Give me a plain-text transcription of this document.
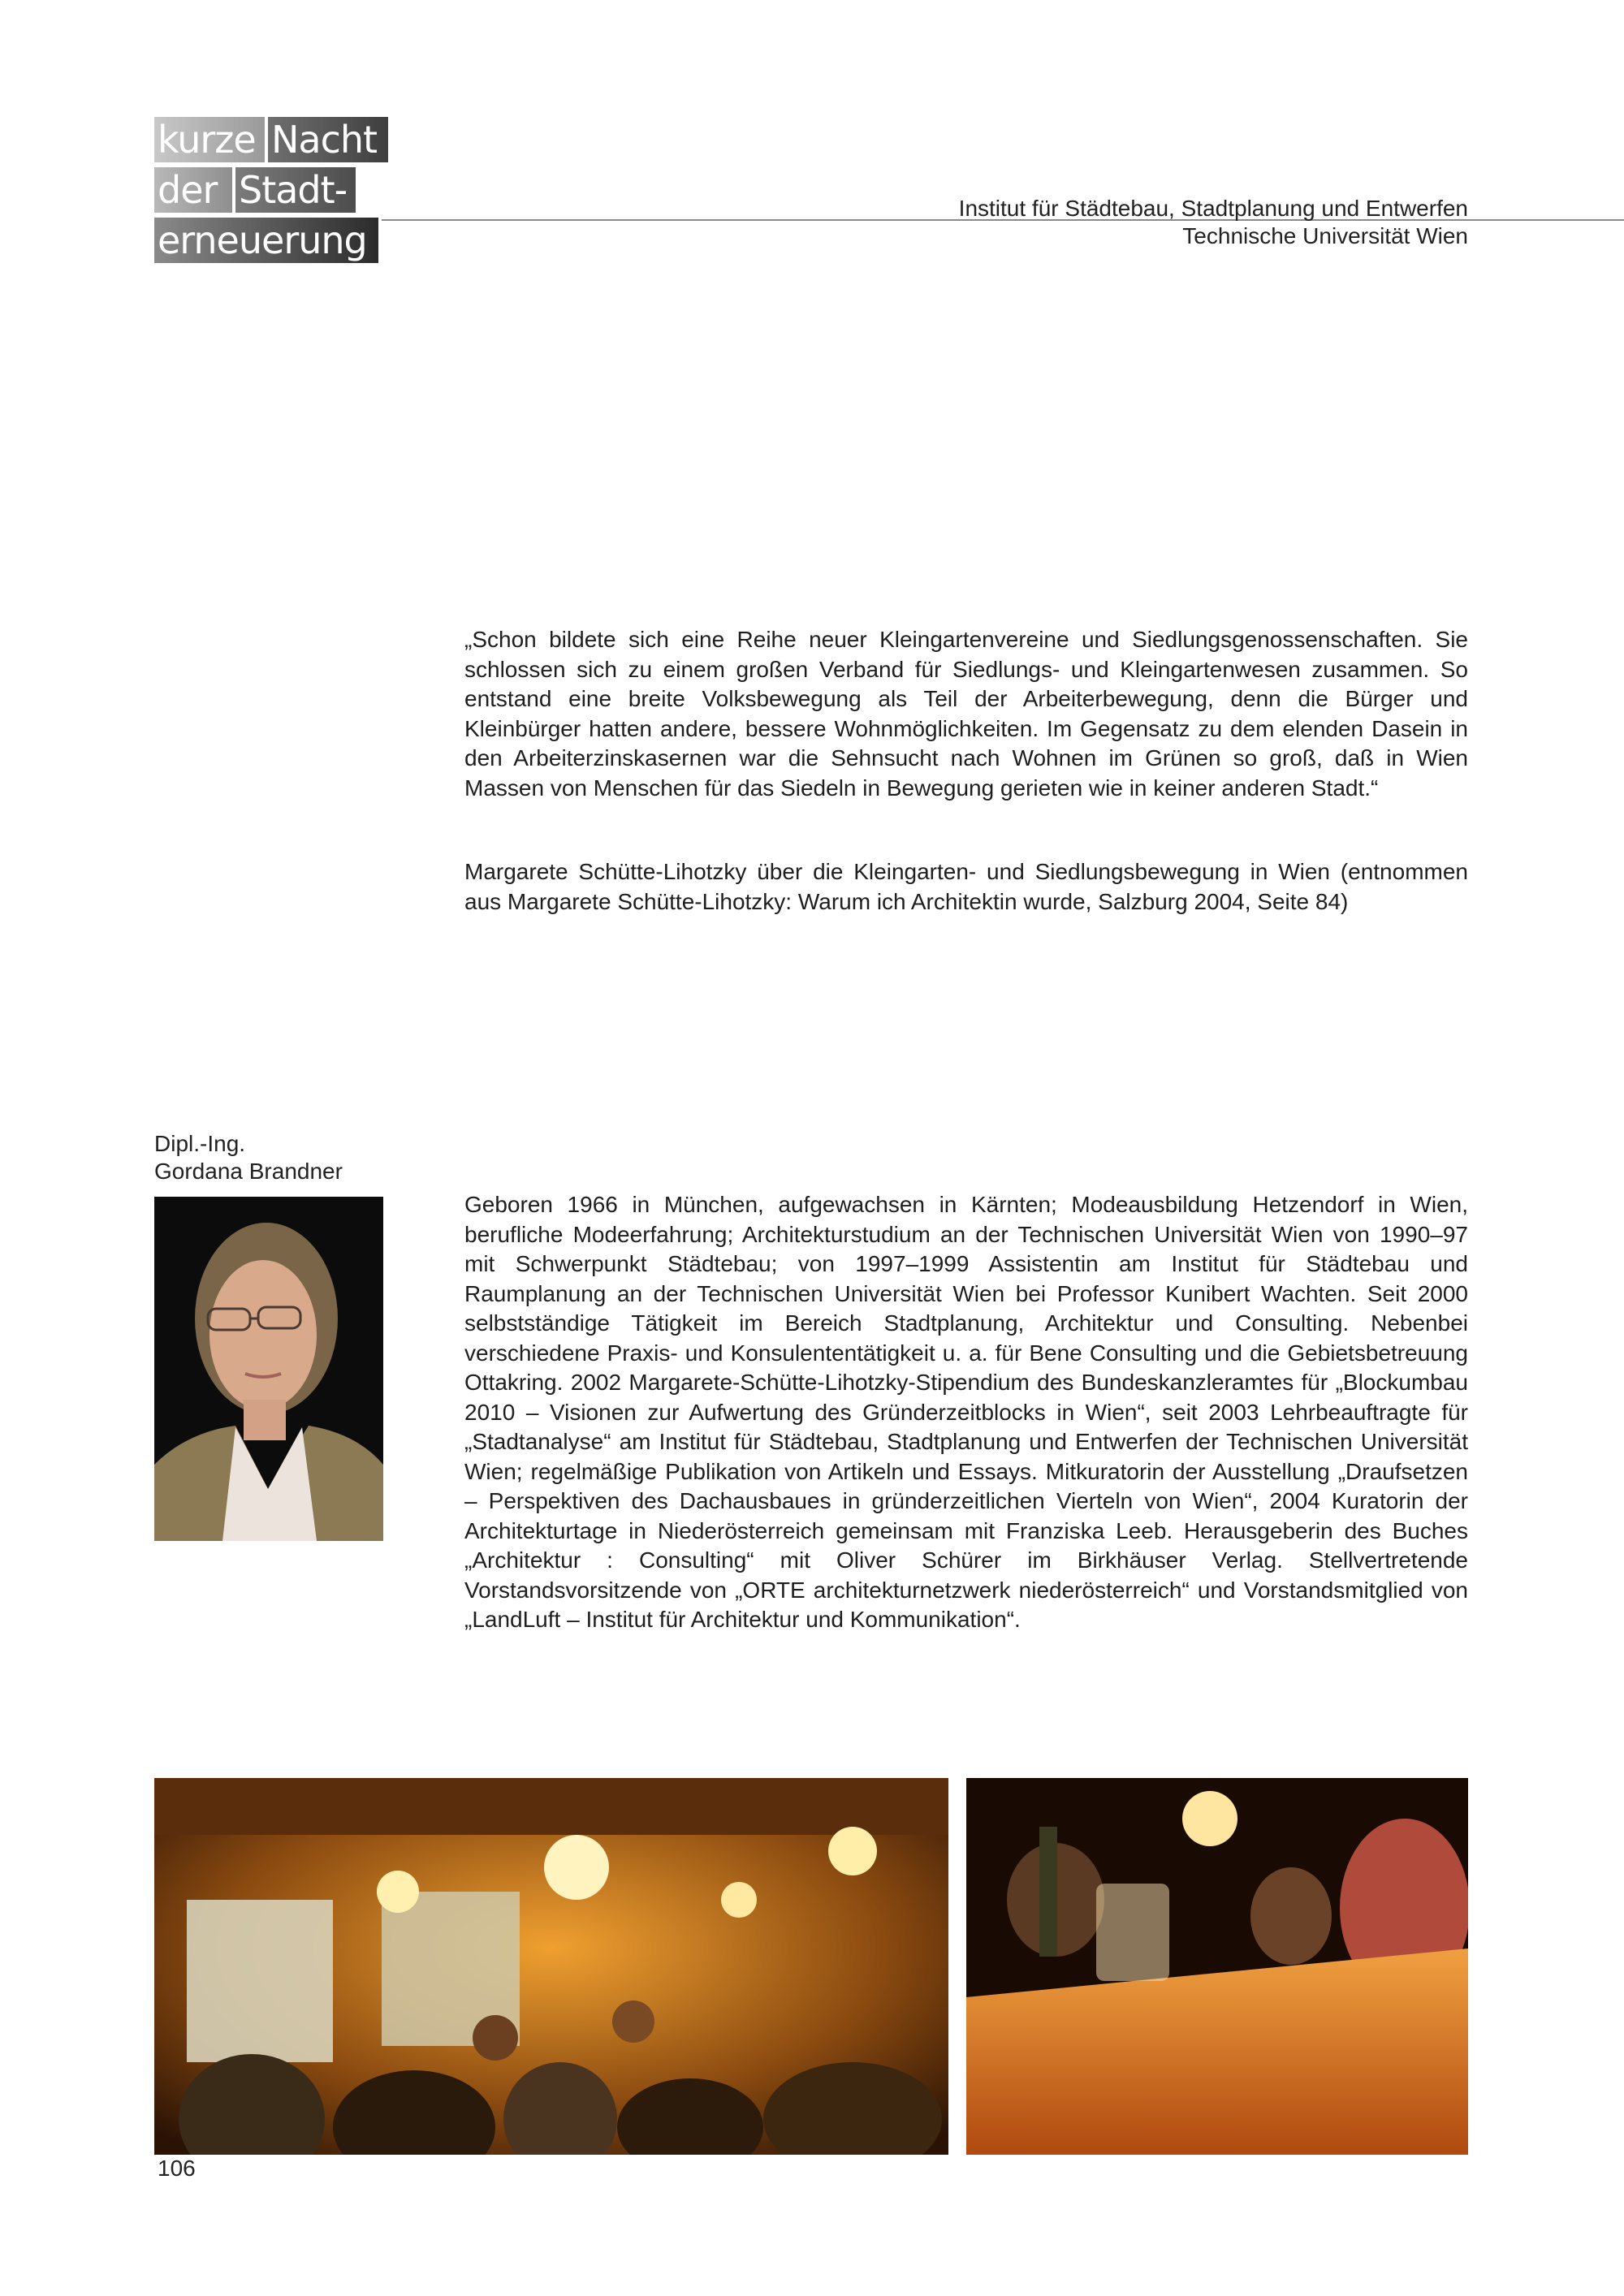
kurze Nacht
der Stadt-
erneuerung
Institut für Städtebau, Stadtplanung und Entwerfen
Technische Universität Wien

„Schon bildete sich eine Reihe neuer Kleingartenvereine und Siedlungsgenossenschaften. Sie schlossen sich zu einem großen Verband für Siedlungs- und Kleingartenwesen zusammen. So entstand eine breite Volksbewegung als Teil der Arbeiterbewegung, denn die Bürger und Kleinbürger hatten andere, bessere Wohnmöglichkeiten. Im Gegensatz zu dem elenden Dasein in den Arbeiterzinskasernen war die Sehnsucht nach Wohnen im Grünen so groß, daß in Wien Massen von Menschen für das Siedeln in Bewegung gerieten wie in keiner anderen Stadt.“

Margarete Schütte-Lihotzky über die Kleingarten- und Siedlungsbewegung in Wien (entnommen aus Margarete Schütte-Lihotzky: Warum ich Architektin wurde, Salzburg 2004, Seite 84)

Dipl.-Ing.
Gordana Brandner

Geboren 1966 in München, aufgewachsen in Kärnten; Modeausbildung Hetzendorf in Wien, berufliche Modeerfahrung; Architekturstudium an der Technischen Universität Wien von 1990–97 mit Schwerpunkt Städtebau; von 1997–1999 Assistentin am Institut für Städtebau und Raumplanung an der Technischen Universität Wien bei Professor Kunibert Wachten. Seit 2000 selbstständige Tätigkeit im Bereich Stadtplanung, Architektur und Consulting. Nebenbei verschiedene Praxis- und Konsulententätigkeit u. a. für Bene Consulting und die Gebietsbetreuung Ottakring. 2002 Margarete-Schütte-Lihotzky-Stipendium des Bundeskanzleramtes für „Blockumbau 2010 – Visionen zur Aufwertung des Gründerzeitblocks in Wien“, seit 2003 Lehrbeauftragte für „Stadtanalyse“ am Institut für Städtebau, Stadtplanung und Entwerfen der Technischen Universität Wien; regelmäßige Publikation von Artikeln und Essays. Mitkuratorin der Ausstellung „Draufsetzen – Perspektiven des Dachausbaues in gründerzeitlichen Vierteln von Wien“, 2004 Kuratorin der Architekturtage in Niederösterreich gemeinsam mit Franziska Leeb. Herausgeberin des Buches „Architektur : Consulting“ mit Oliver Schürer im Birkhäuser Verlag. Stellvertretende Vorstandsvorsitzende von „ORTE architekturnetzwerk niederösterreich“ und Vorstandsmitglied von „LandLuft – Institut für Architektur und Kommunikation“.

106
